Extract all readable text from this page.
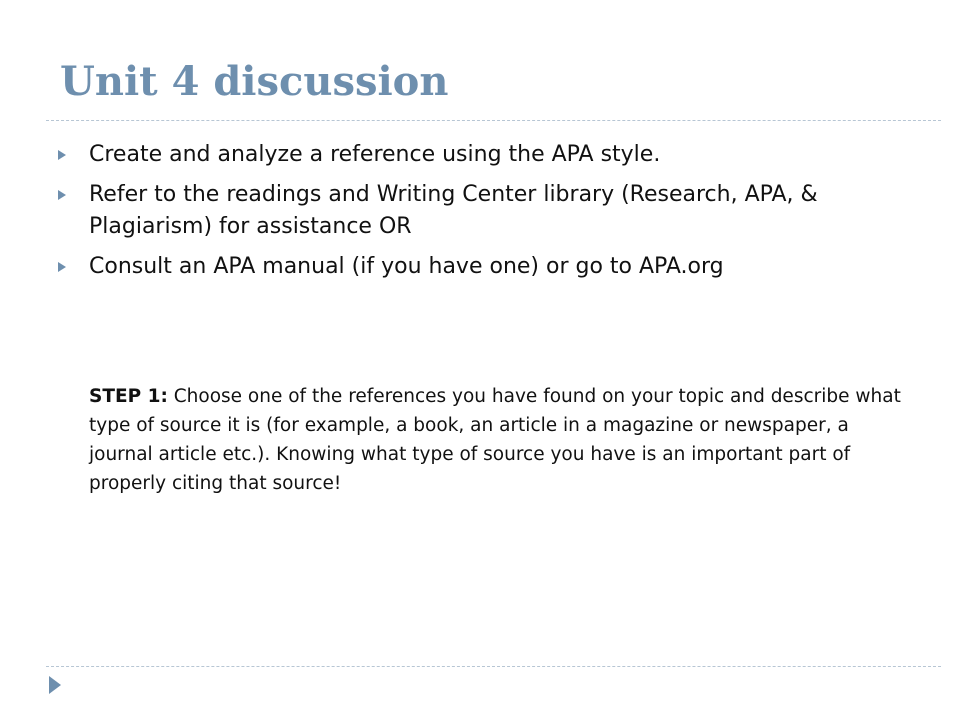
Unit 4 discussion
Create and analyze a reference using the APA style.
Refer to the readings and Writing Center library (Research, APA, & Plagiarism) for assistance OR
Consult an APA manual (if you have one) or go to APA.org

STEP 1: Choose one of the references you have found on your topic and describe what type of source it is (for example, a book, an article in a magazine or newspaper, a journal article etc.). Knowing what type of source you have is an important part of properly citing that source!
